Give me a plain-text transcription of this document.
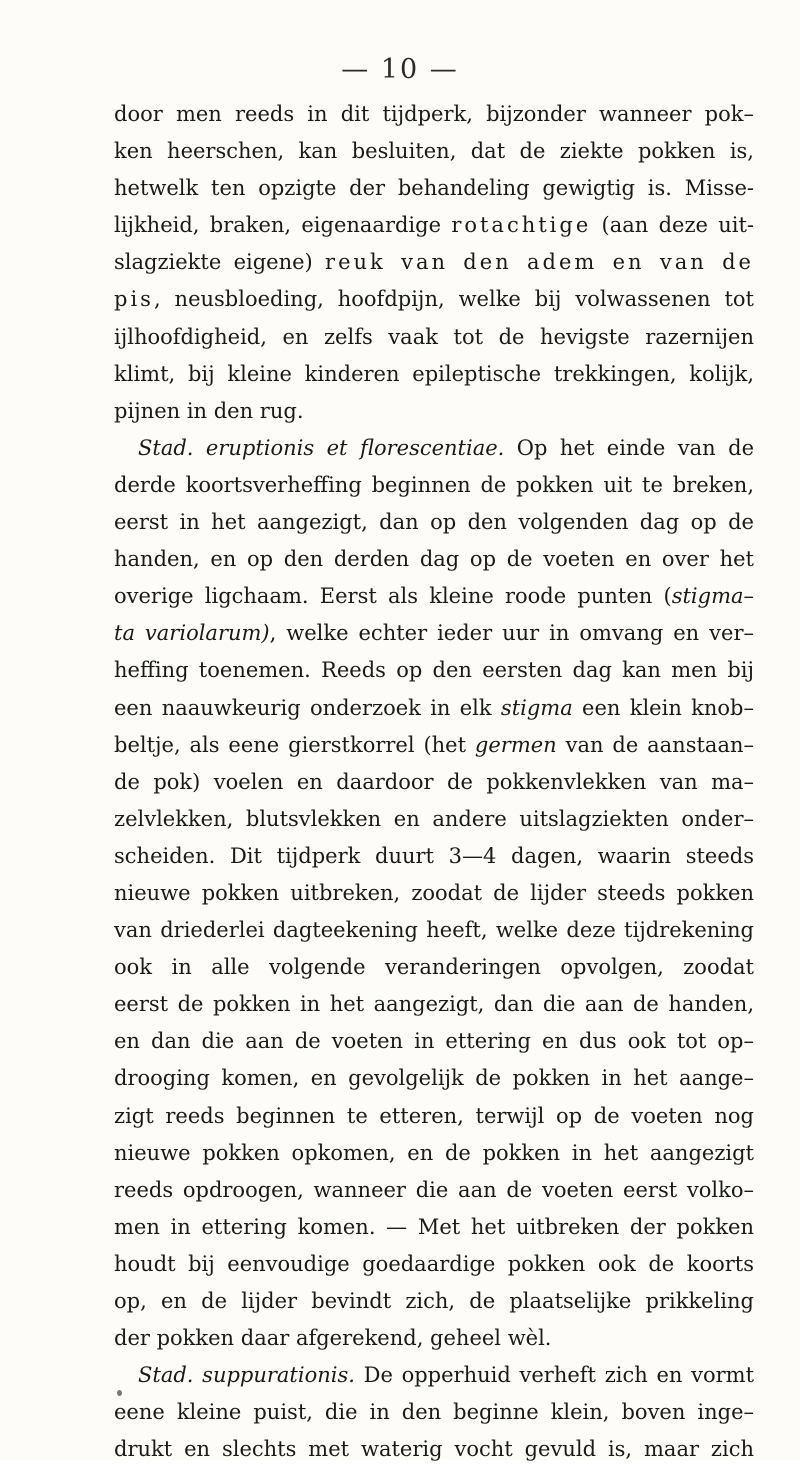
— 10 —
door men reeds in dit tijdperk, bijzonder wanneer pok–
ken heerschen, kan besluiten, dat de ziekte pokken is,
hetwelk ten opzigte der behandeling gewigtig is. Misse-
lijkheid, braken, eigenaardige rotachtige (aan deze uit-
slagziekte eigene) reuk van den adem en van de
pis, neusbloeding, hoofdpijn, welke bij volwassenen tot
ijlhoofdigheid, en zelfs vaak tot de hevigste razernijen
klimt, bij kleine kinderen epileptische trekkingen, kolijk,
pijnen in den rug.
Stad. eruptionis et florescentiae. Op het einde van de
derde koortsverheffing beginnen de pokken uit te breken,
eerst in het aangezigt, dan op den volgenden dag op de
handen, en op den derden dag op de voeten en over het
overige ligchaam. Eerst als kleine roode punten (stigma–
ta variolarum), welke echter ieder uur in omvang en ver–
heffing toenemen. Reeds op den eersten dag kan men bij
een naauwkeurig onderzoek in elk stigma een klein knob–
beltje, als eene gierstkorrel (het germen van de aanstaan–
de pok) voelen en daardoor de pokkenvlekken van ma–
zelvlekken, blutsvlekken en andere uitslagziekten onder–
scheiden. Dit tijdperk duurt 3—4 dagen, waarin steeds
nieuwe pokken uitbreken, zoodat de lijder steeds pokken
van driederlei dagteekening heeft, welke deze tijdrekening
ook in alle volgende veranderingen opvolgen, zoodat
eerst de pokken in het aangezigt, dan die aan de handen,
en dan die aan de voeten in ettering en dus ook tot op–
drooging komen, en gevolgelijk de pokken in het aange–
zigt reeds beginnen te etteren, terwijl op de voeten nog
nieuwe pokken opkomen, en de pokken in het aangezigt
reeds opdroogen, wanneer die aan de voeten eerst volko–
men in ettering komen. — Met het uitbreken der pokken
houdt bij eenvoudige goedaardige pokken ook de koorts
op, en de lijder bevindt zich, de plaatselijke prikkeling
der pokken daar afgerekend, geheel wèl.
Stad. suppurationis. De opperhuid verheft zich en vormt
eene kleine puist, die in den beginne klein, boven inge–
drukt en slechts met waterig vocht gevuld is, maar zich
